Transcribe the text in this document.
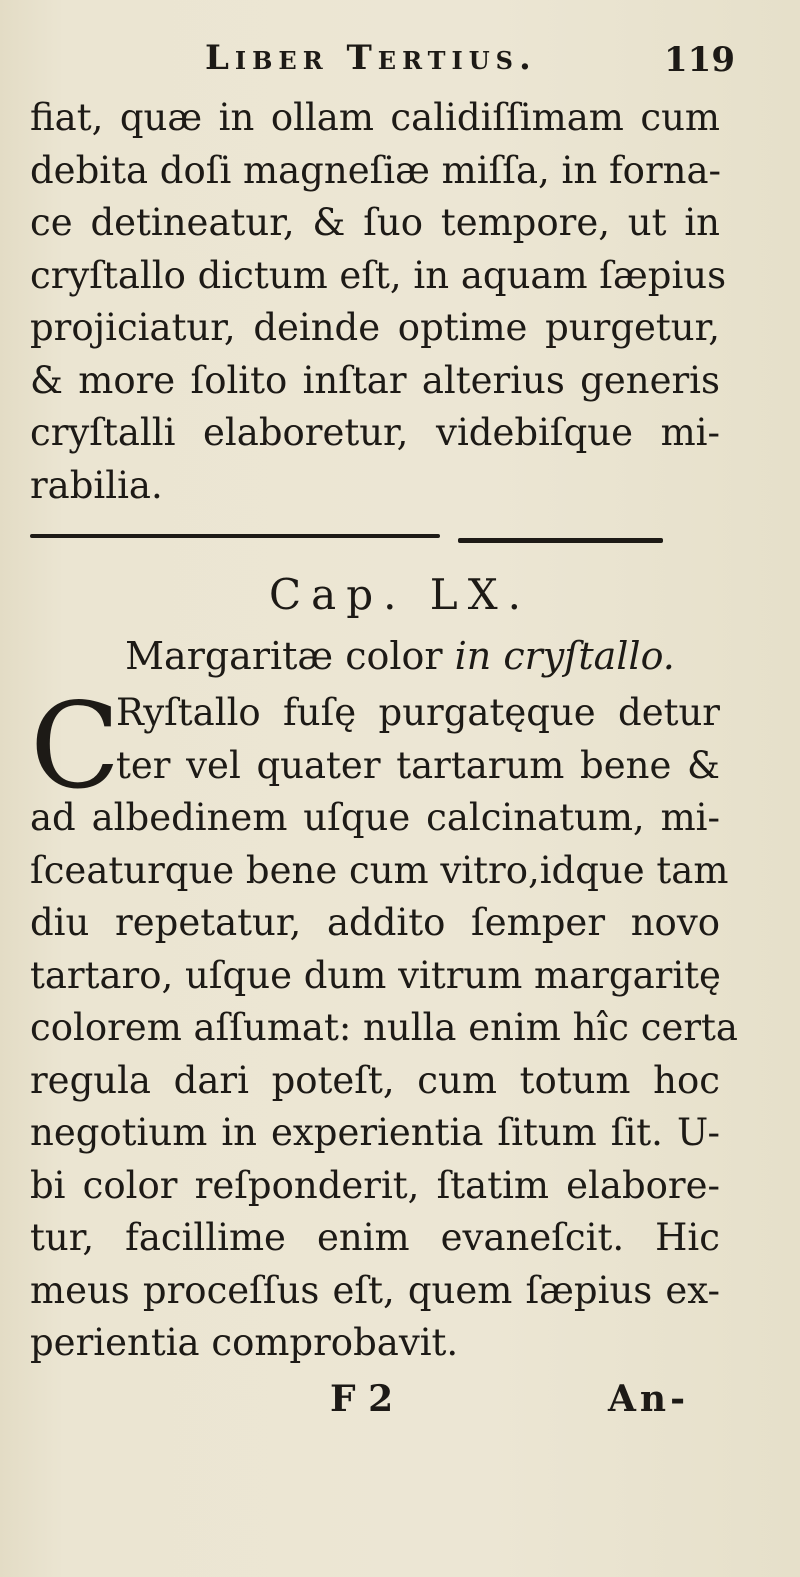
Liber Tertius.	119
fiat, quæ in ollam calidiſſimam cum
debita doſi magneſiæ miſſa, in forna-
ce detineatur, & ſuo tempore, ut in
cryſtallo dictum eſt, in aquam ſæpius
projiciatur, deinde optime purgetur,
& more ſolito inſtar alterius generis
cryſtalli elaboretur, videbiſque mi-
rabilia.
Cap. LX.
Margaritæ color in cryſtallo.
C
Ryſtallo fuſę purgatęque detur
ter vel quater tartarum bene &
ad albedinem uſque calcinatum, mi-
ſceaturque bene cum vitro,idque tam
diu repetatur, addito ſemper novo
tartaro, uſque dum vitrum margaritę
colorem aſſumat: nulla enim hîc certa
regula dari poteſt, cum totum hoc
negotium in experientia ſitum ſit. U-
bi color reſponderit, ſtatim elabore-
tur, facillime enim evaneſcit. Hic
meus proceſſus eſt, quem ſæpius ex-
perientia comprobavit.
F 2	An-
